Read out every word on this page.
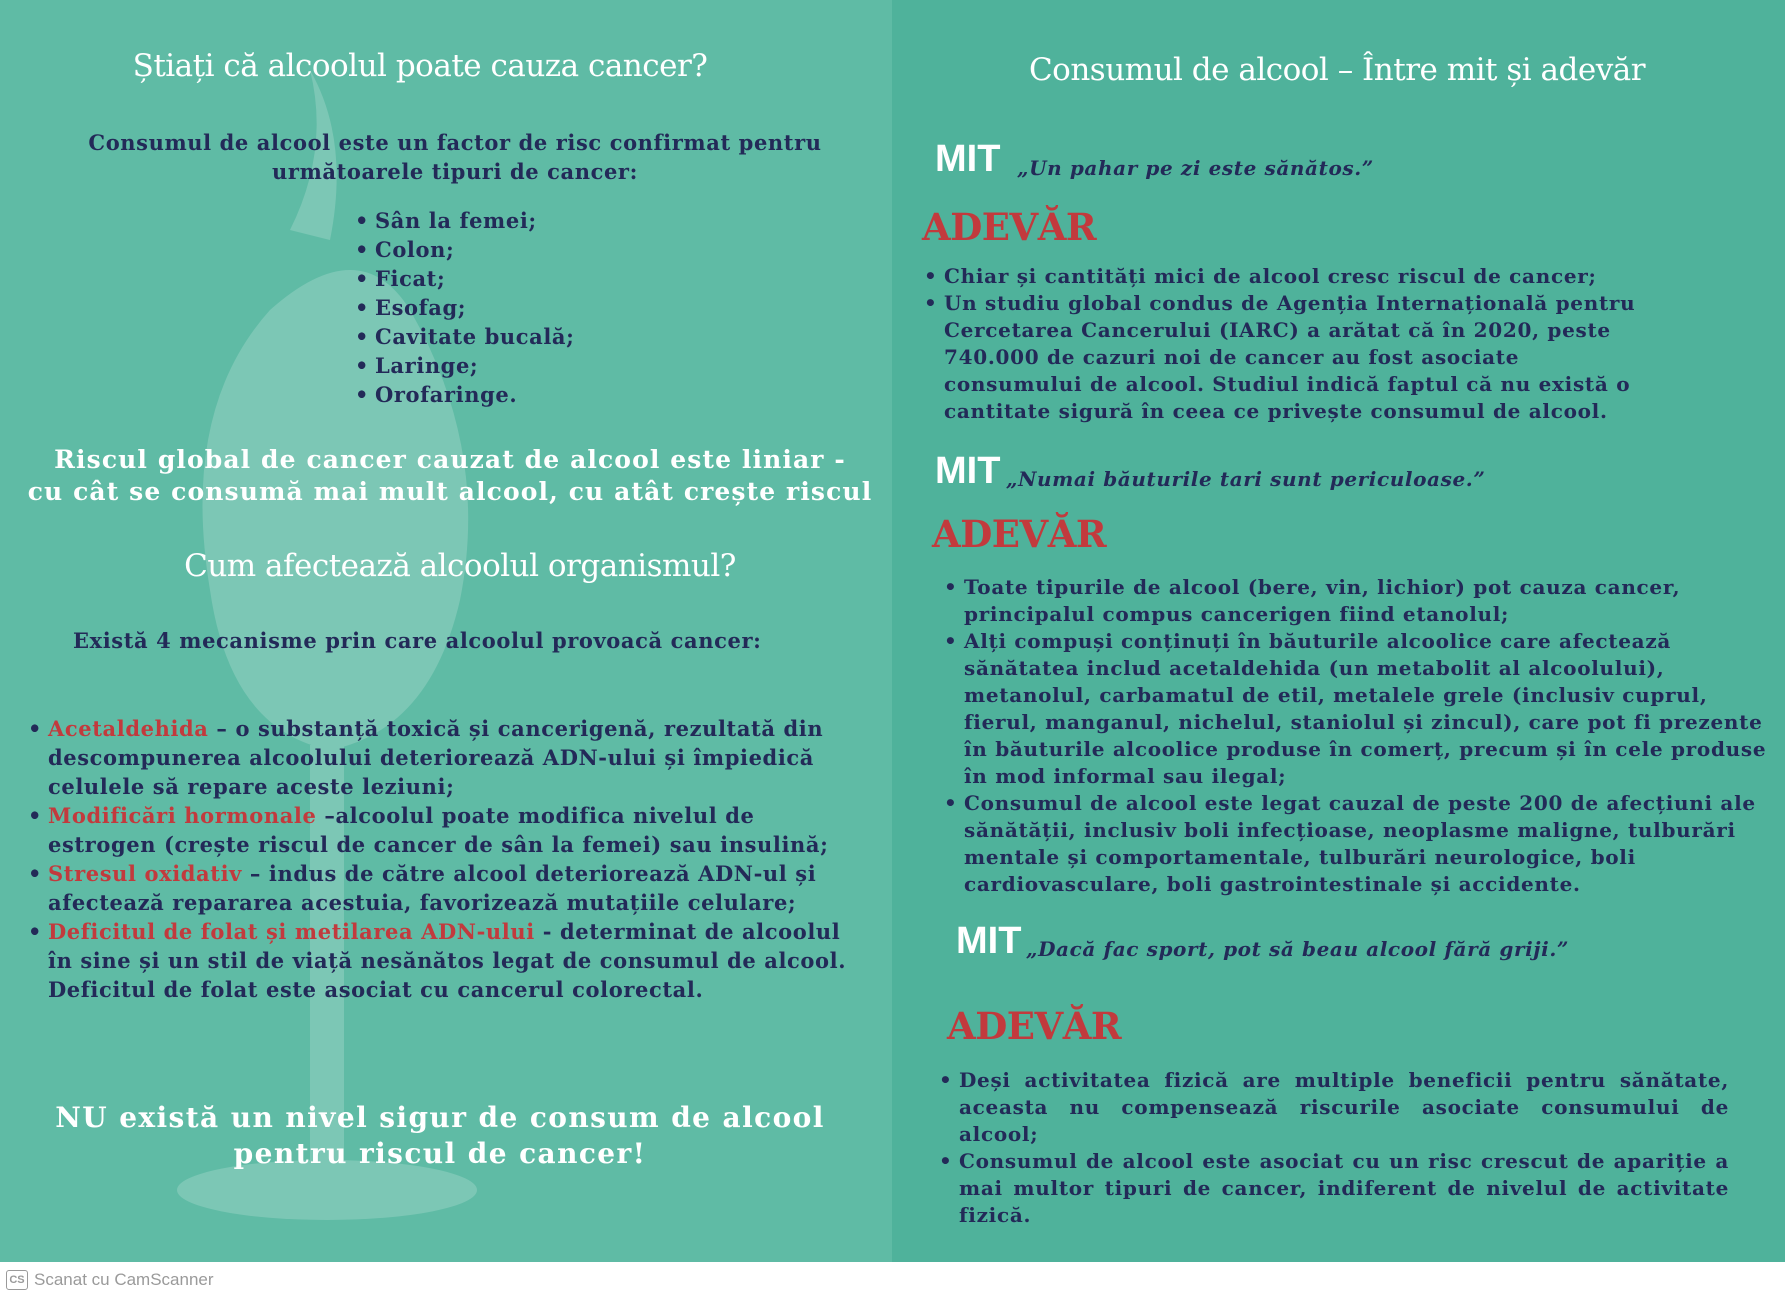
Știați că alcoolul poate cauza cancer?
Consumul de alcool este un factor de risc confirmat pentru următoarele tipuri de cancer:
• Sân la femei;
• Colon;
• Ficat;
• Esofag;
• Cavitate bucală;
• Laringe;
• Orofaringe.
Riscul global de cancer cauzat de alcool este liniar -
cu cât se consumă mai mult alcool, cu atât crește riscul
Cum afectează alcoolul organismul?
Există 4 mecanisme prin care alcoolul provoacă cancer:
• Acetaldehida – o substanță toxică și cancerigenă, rezultată din descompunerea alcoolului deteriorează ADN-ului și împiedică celulele să repare aceste leziuni;
• Modificări hormonale –alcoolul poate modifica nivelul de estrogen (crește riscul de cancer de sân la femei) sau insulină;
• Stresul oxidativ – indus de către alcool deteriorează ADN-ul și afectează repararea acestuia, favorizează mutațiile celulare;
• Deficitul de folat și metilarea ADN-ului - determinat de alcoolul în sine și un stil de viață nesănătos legat de consumul de alcool. Deficitul de folat este asociat cu cancerul colorectal.
NU există un nivel sigur de consum de alcool
pentru riscul de cancer!
Consumul de alcool – Între mit și adevăr
MIT „Un pahar pe zi este sănătos.”
ADEVĂR
• Chiar și cantități mici de alcool cresc riscul de cancer;
• Un studiu global condus de Agenția Internațională pentru Cercetarea Cancerului (IARC) a arătat că în 2020, peste 740.000 de cazuri noi de cancer au fost asociate consumului de alcool. Studiul indică faptul că nu există o cantitate sigură în ceea ce privește consumul de alcool.
MIT „Numai băuturile tari sunt periculoase.”
ADEVĂR
• Toate tipurile de alcool (bere, vin, lichior) pot cauza cancer, principalul compus cancerigen fiind etanolul;
• Alți compuși conținuți în băuturile alcoolice care afectează sănătatea includ acetaldehida (un metabolit al alcoolului), metanolul, carbamatul de etil, metalele grele (inclusiv cuprul, fierul, manganul, nichelul, staniolul și zincul), care pot fi prezente în băuturile alcoolice produse în comerț, precum și în cele produse în mod informal sau ilegal;
• Consumul de alcool este legat cauzal de peste 200 de afecțiuni ale sănătății, inclusiv boli infecțioase, neoplasme maligne, tulburări mentale și comportamentale, tulburări neurologice, boli cardiovasculare, boli gastrointestinale și accidente.
MIT „Dacă fac sport, pot să beau alcool fără griji.”
ADEVĂR
• Deși activitatea fizică are multiple beneficii pentru sănătate, aceasta nu compensează riscurile asociate consumului de alcool;
• Consumul de alcool este asociat cu un risc crescut de apariție a mai multor tipuri de cancer, indiferent de nivelul de activitate fizică.
CS Scanat cu CamScanner
